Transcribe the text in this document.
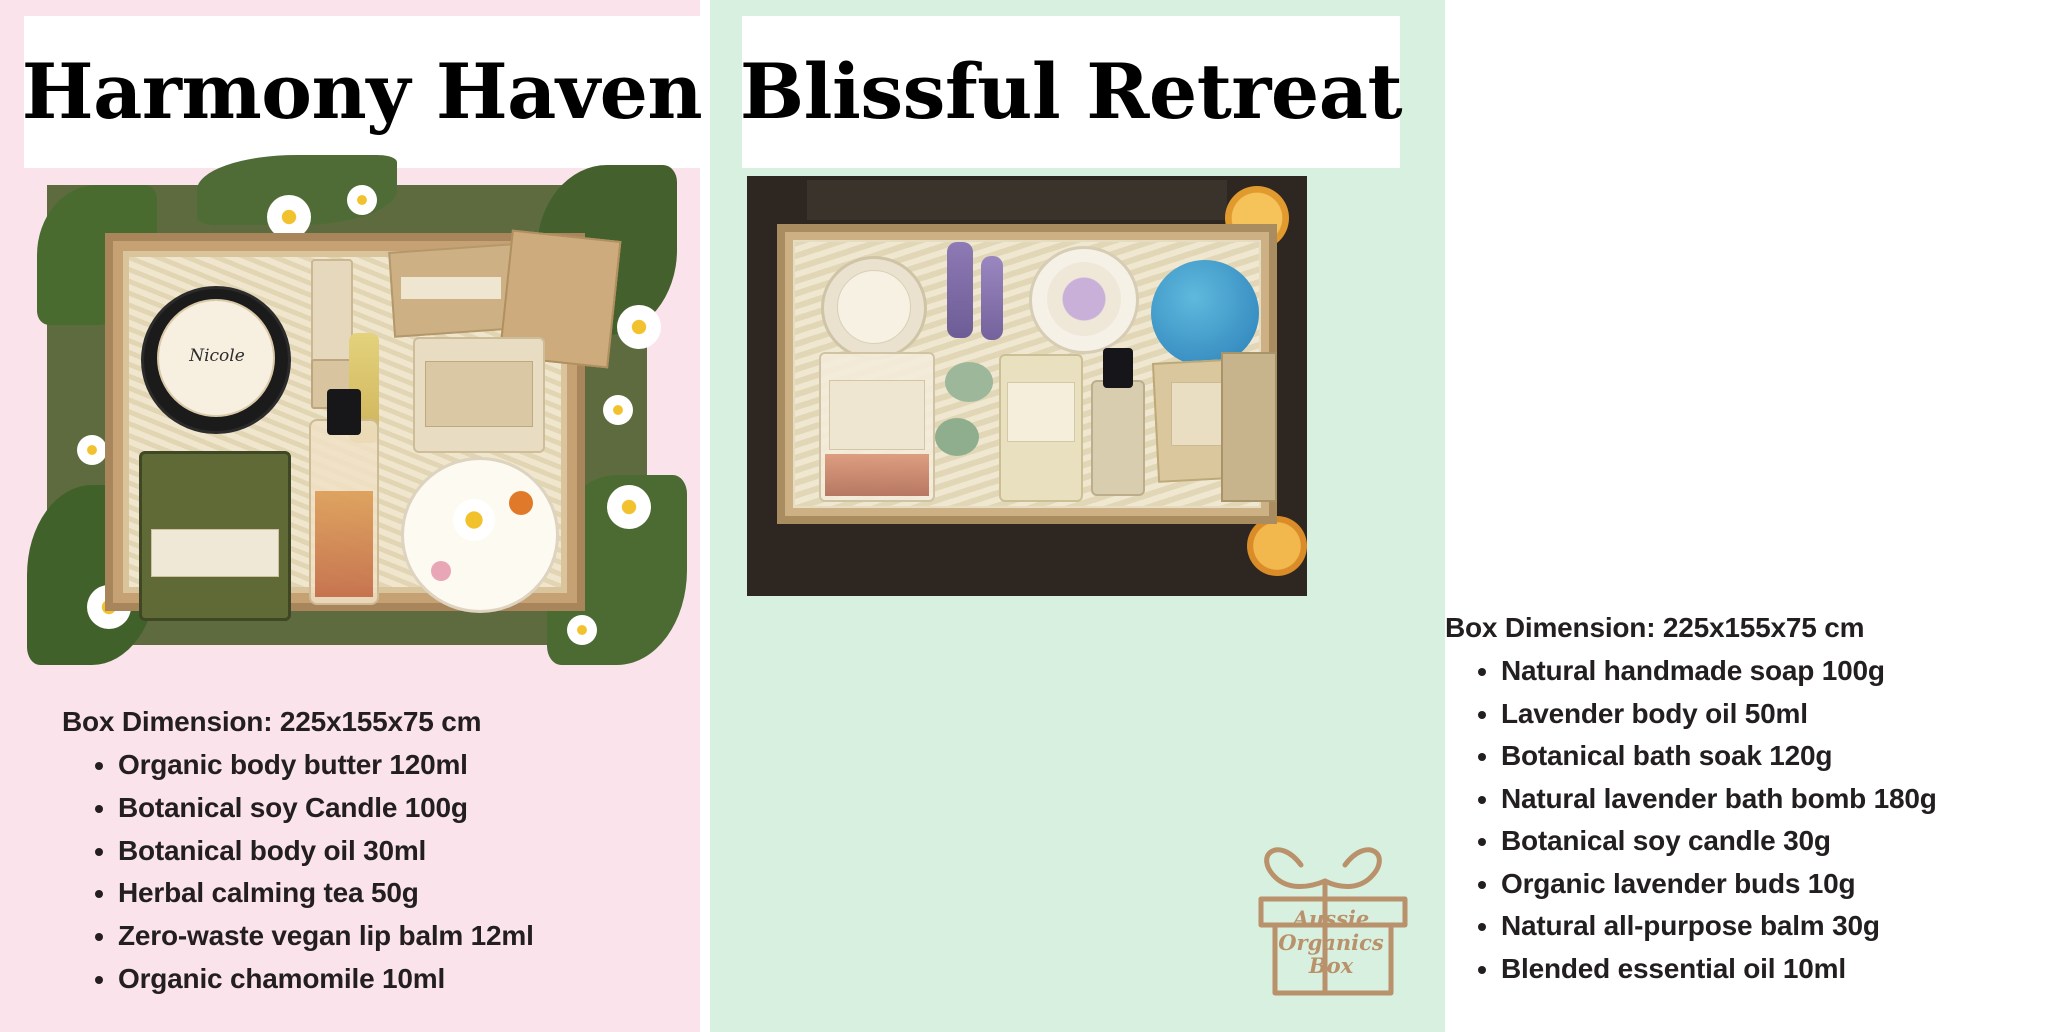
Harmony Haven
Nicole

Box Dimension: 225x155x75 cm

• Organic body butter 120ml
• Botanical soy Candle 100g
• Botanical body oil 30ml
• Herbal calming tea 50g
• Zero-waste vegan lip balm 12ml
• Organic chamomile 10ml
Blissful Retreat

Box Dimension: 225x155x75 cm

• Natural handmade soap 100g
• Lavender body oil 50ml
• Botanical bath soak 120g
• Natural lavender bath bomb 180g
• Botanical soy candle 30g
• Organic lavender buds 10g
• Natural all-purpose balm 30g
• Blended essential oil 10ml
Aussie
Organics
Box
